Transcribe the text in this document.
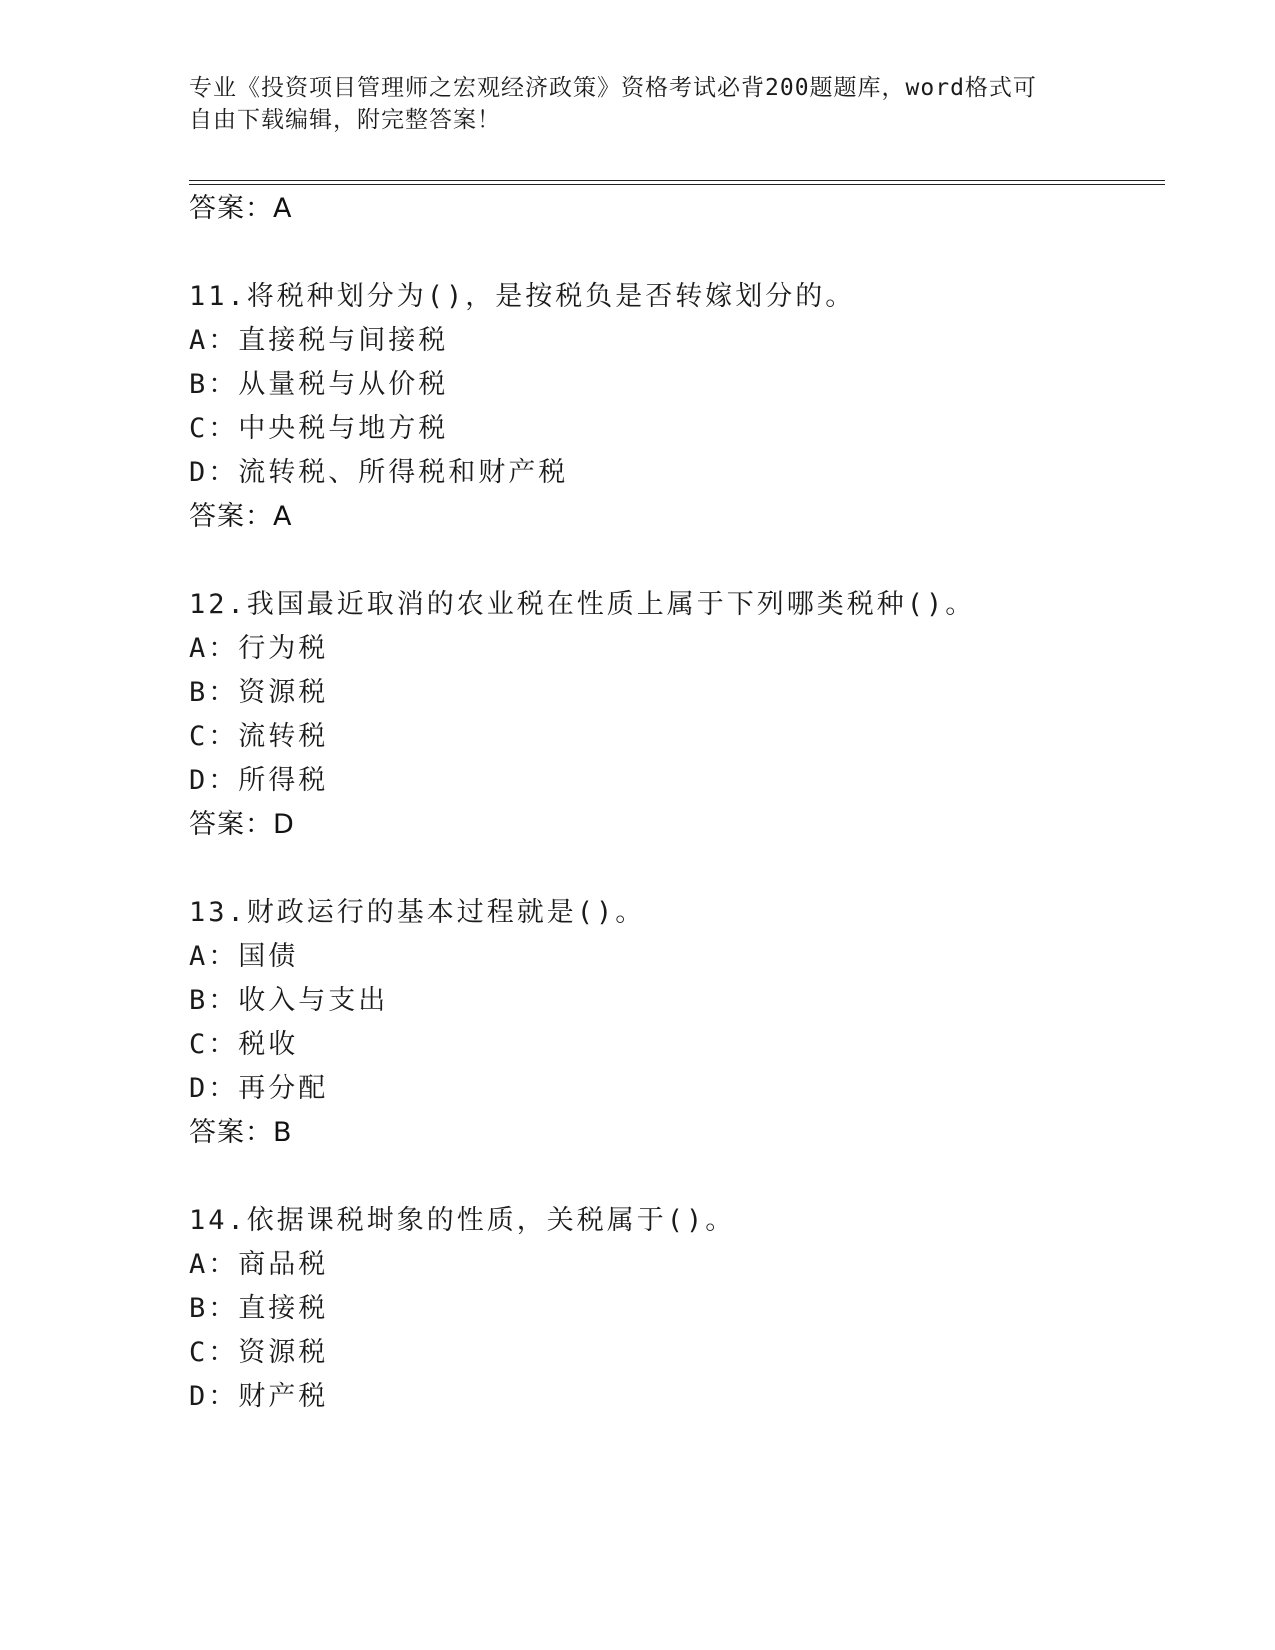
专业《投资项目管理师之宏观经济政策》资格考试必背200题题库，word格式可
自由下载编辑，附完整答案！
答案：A
11.将税种划分为()，是按税负是否转嫁划分的。
A：直接税与间接税
B：从量税与从价税
C：中央税与地方税
D：流转税、所得税和财产税
答案：A
12.我国最近取消的农业税在性质上属于下列哪类税种()。
A：行为税
B：资源税
C：流转税
D：所得税
答案：D
13.财政运行的基本过程就是()。
A：国债
B：收入与支出
C：税收
D：再分配
答案：B
14.依据课税埘象的性质，关税属于()。
A：商品税
B：直接税
C：资源税
D：财产税
